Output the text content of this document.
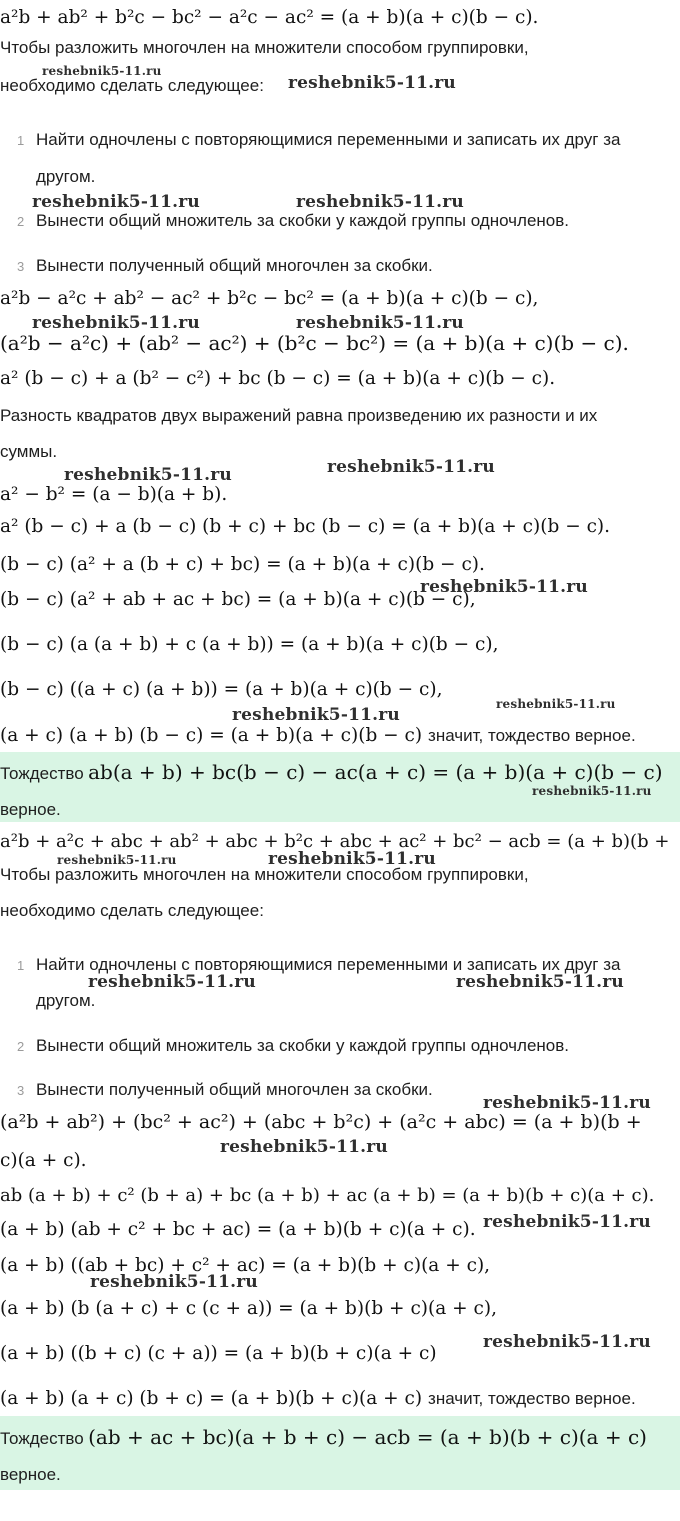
a²b + ab² + b²c − bc² − a²c − ac² = (a + b)(a + c)(b − c).
Чтобы разложить многочлен на множители способом группировки,
необходимо сделать следующее:
1 Найти одночлены с повторяющимися переменными и записать их друг за
другом.
2 Вынести общий множитель за скобки у каждой группы одночленов.
3 Вынести полученный общий многочлен за скобки.
a²b − a²c + ab² − ac² + b²c − bc² = (a + b)(a + c)(b − c),
(a²b − a²c) + (ab² − ac²) + (b²c − bc²) = (a + b)(a + c)(b − c).
a² (b − c) + a (b² − c²) + bc (b − c) = (a + b)(a + c)(b − c).
Разность квадратов двух выражений равна произведению их разности и их
суммы.
a² − b² = (a − b)(a + b).
a² (b − c) + a (b − c) (b + c) + bc (b − c) = (a + b)(a + c)(b − c).
(b − c) (a² + a (b + c) + bc) = (a + b)(a + c)(b − c).
(b − c) (a² + ab + ac + bc) = (a + b)(a + c)(b − c),
(b − c) (a (a + b) + c (a + b)) = (a + b)(a + c)(b − c),
(b − c) ((a + c) (a + b)) = (a + b)(a + c)(b − c),
(a + c) (a + b) (b − c) = (a + b)(a + c)(b − c) значит, тождество верное.
Тождество ab(a + b) + bc(b − c) − ac(a + c) = (a + b)(a + c)(b − c)
верное.
a²b + a²c + abc + ab² + abc + b²c + abc + ac² + bc² − acb = (a + b)(b +
Чтобы разложить многочлен на множители способом группировки,
необходимо сделать следующее:
1 Найти одночлены с повторяющимися переменными и записать их друг за
другом.
2 Вынести общий множитель за скобки у каждой группы одночленов.
3 Вынести полученный общий многочлен за скобки.
(a²b + ab²) + (bc² + ac²) + (abc + b²c) + (a²c + abc) = (a + b)(b +
c)(a + c).
ab (a + b) + c² (b + a) + bc (a + b) + ac (a + b) = (a + b)(b + c)(a + c).
(a + b) (ab + c² + bc + ac) = (a + b)(b + c)(a + c).
(a + b) ((ab + bc) + c² + ac) = (a + b)(b + c)(a + c),
(a + b) (b (a + c) + c (c + a)) = (a + b)(b + c)(a + c),
(a + b) ((b + c) (c + a)) = (a + b)(b + c)(a + c)
(a + b) (a + c) (b + c) = (a + b)(b + c)(a + c) значит, тождество верное.
Тождество (ab + ac + bc)(a + b + c) − acb = (a + b)(b + c)(a + c)
верное.
reshebnik5-11.ru
reshebnik5-11.ru
reshebnik5-11.ru	reshebnik5-11.ru
reshebnik5-11.ru	reshebnik5-11.ru
reshebnik5-11.ru	reshebnik5-11.ru
reshebnik5-11.ru
reshebnik5-11.ru
reshebnik5-11.ru
reshebnik5-11.ru
reshebnik5-11.ru	reshebnik5-11.ru
reshebnik5-11.ru	reshebnik5-11.ru
reshebnik5-11.ru
reshebnik5-11.ru
reshebnik5-11.ru
reshebnik5-11.ru
reshebnik5-11.ru
